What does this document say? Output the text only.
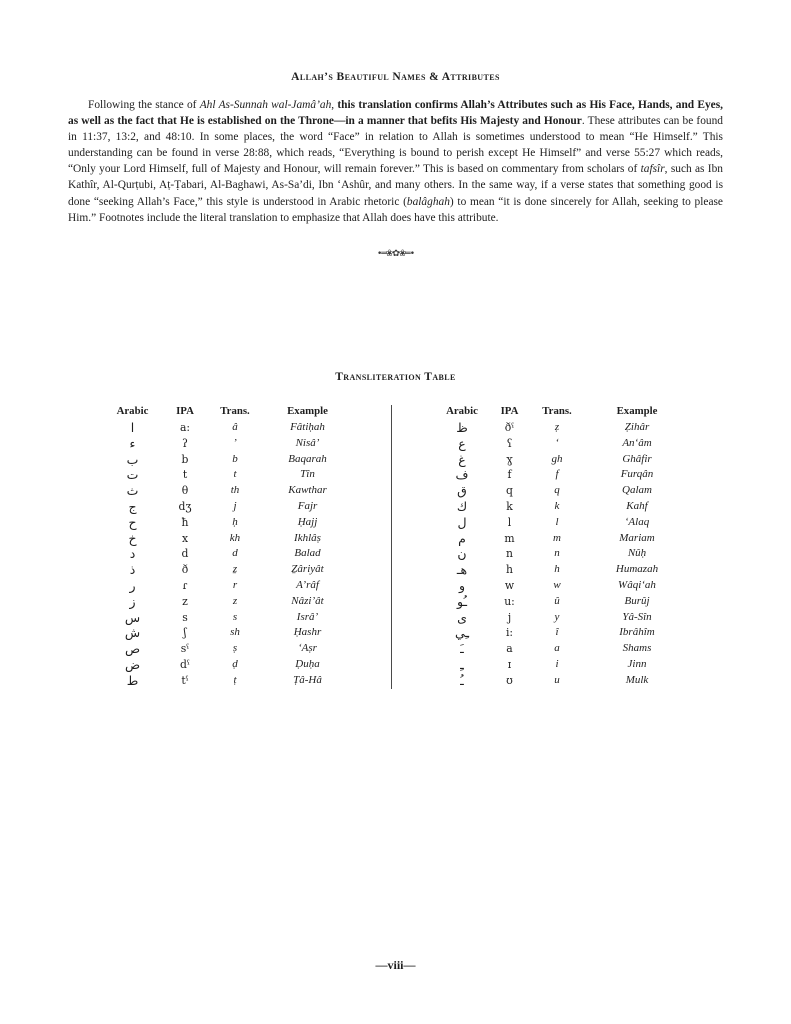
Allah’s Beautiful Names & Attributes

Following the stance of Ahl As-Sunnah wal-Jamâ’ah, this translation confirms Allah’s Attributes such as His Face, Hands, and Eyes, as well as the fact that He is established on the Throne—in a manner that befits His Majesty and Honour. These attributes can be found in 11:37, 13:2, and 48:10. In some places, the word “Face” in relation to Allah is sometimes understood to mean “He Himself.” This understanding can be found in verse 28:88, which reads, “Everything is bound to perish except He Himself” and verse 55:27 which reads, “Only your Lord Himself, full of Majesty and Honour, will remain forever.” This is based on commentary from scholars of tafsîr, such as Ibn Kathîr, Al-Qurṭubi, Aṭ-Ṭabari, Al-Baghawi, As-Sa’di, Ibn ‘Ashûr, and many others. In the same way, if a verse states that something good is done “seeking Allah’s Face,” this style is understood in Arabic rhetoric (balâghah) to mean “it is done sincerely for Allah, seeking to please Him.” Footnotes include the literal translation to emphasize that Allah does have this attribute.

•═❀✿❀═•
Transliteration Table
Arabic	IPA	Trans.	Example
ا	a:	â	Fâtiḥah
ء	ʔ	’	Nisâ’
ب	b	b	Baqarah
ت	t	t	Tîn
ث	θ	th	Kawthar
ج	dʒ	j	Fajr
ح	ħ	ḥ	Ḥajj
خ	x	kh	Ikhlâṣ
د	d	d	Balad
ذ	ð	ẕ	Ẕâriyât
ر	ɾ	r	A’râf
ز	z	z	Nâzi’ât
س	s	s	Isrâ’
ش	ʃ	sh	Ḥashr
ص	sˤ	ṣ	‘Aṣr
ض	dˤ	ḍ	Ḍuḥa
ط	tˤ	ṭ	Ṭâ-Hâ
Arabic	IPA	Trans.	Example
ظ	ðˤ	ẓ	Ẓihâr
ع	ʕ	‘	An‘âm
غ	ɣ	gh	Ghâfir
ف	f	f	Furqân
ق	q	q	Qalam
ك	k	k	Kahf
ل	l	l	‘Alaq
م	m	m	Mariam
ن	n	n	Nûḥ
هـ	h	h	Humazah
و	w	w	Wâqi‘ah
ـُو	u:	û	Burûj
ى	j	y	Yâ-Sîn
ـِي	i:	î	Ibrâhîm
ـَ	a	a	Shams
ـِ	ɪ	i	Jinn
ـُ	ʊ	u	Mulk
—viii—
